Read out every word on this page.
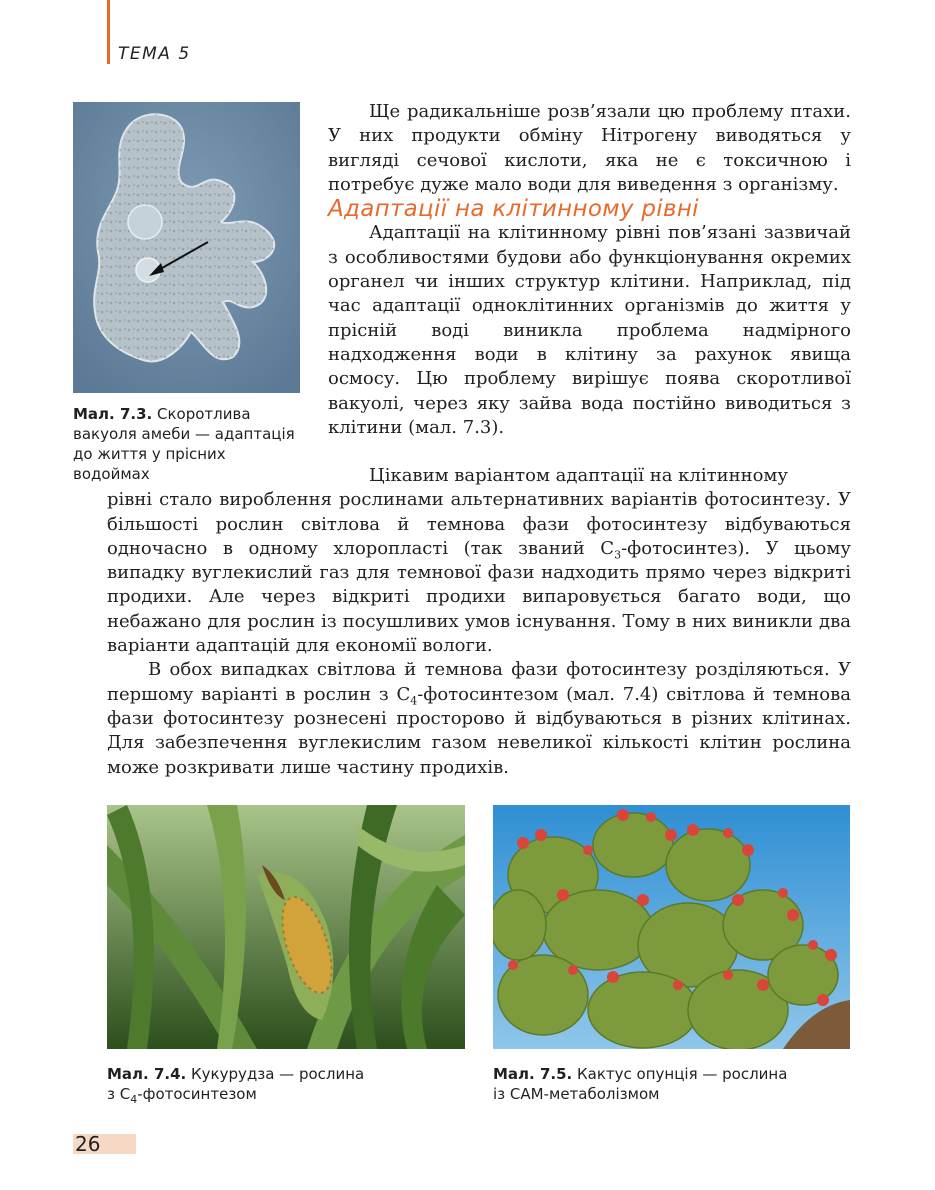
ТЕМА 5
Мал. 7.3. Скоротлива вакуоля амеби — адаптація до життя у прісних водоймах

Ще радикальніше розв’язали цю проблему птахи. У них продукти обміну Нітрогену виводяться у вигляді сечової кислоти, яка не є токсичною і потребує дуже мало води для виведення з організму.

Адаптації на клітинному рівні

Адаптації на клітинному рівні пов’язані зазвичай з особливостями будови або функціонування окремих органел чи інших структур клітини. Наприклад, під час адаптації одноклітинних організмів до життя у прісній воді виникла проблема надмірного надходження води в клітину за рахунок явища осмосу. Цю проблему вирішує поява скоротливої вакуолі, через яку зайва вода постійно виводиться з клітини (мал. 7.3).

Цікавим варіантом адаптації на клітинному
рівні стало вироблення рослинами альтернативних варіантів фотосинтезу. У більшості рослин світлова й темнова фази фотосинтезу відбуваються одночасно в одному хлоропласті (так званий $С_3-фотосинтез$). У цьому випадку вуглекислий газ для темнової фази надходить прямо через відкриті продихи. Але через відкриті продихи випаровується багато води, що небажано для рослин із посушливих умов існування. Тому в них виникли два варіанти адаптацій для економії вологи.

В обох випадках світлова й темнова фази фотосинтезу розділяються. У першому варіанті в рослин з $С_4$-фотосинтезом (мал. 7.4) світлова й темнова фази фотосинтезу рознесені просторово й відбуваються в різних клітинах. Для забезпечення вуглекислим газом невеликої кількості клітин рослина може розкривати лише частину продихів.

Мал. 7.4. Кукурудза — рослина
з $С_4$-фотосинтезом
Мал. 7.5. Кактус опунція — рослина
із САМ-метаболізмом
26
